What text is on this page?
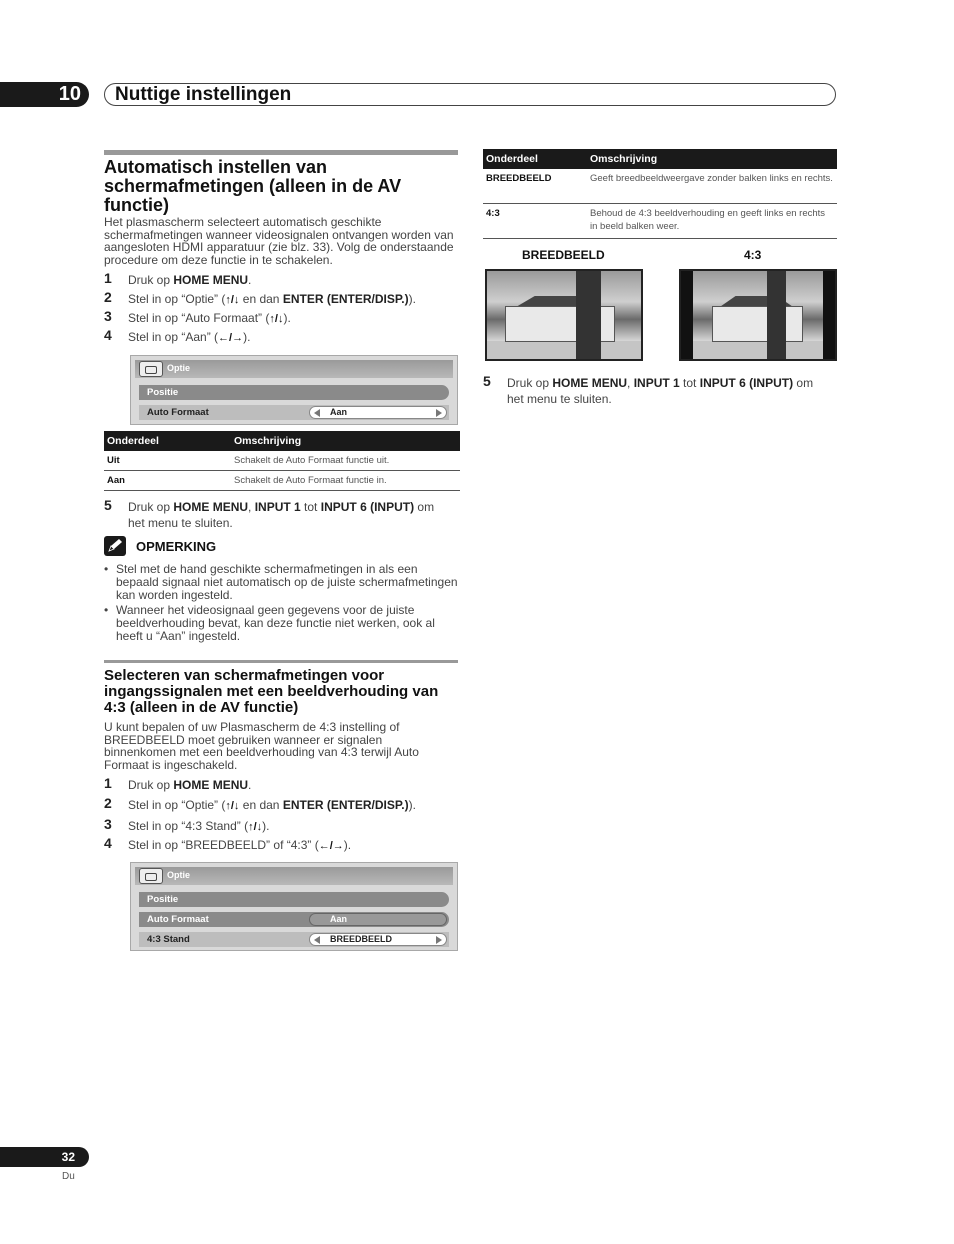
10	Nuttige instellingen
Automatisch instellen van schermafmetingen (alleen in de AV functie)
Het plasmascherm selecteert automatisch geschikte schermafmetingen wanneer videosignalen ontvangen worden van aangesloten HDMI apparatuur (zie blz. 33). Volg de onderstaande procedure om deze functie in te schakelen.
1 Druk op HOME MENU.
2 Stel in op “Optie” (↑/↓ en dan ENTER (ENTER/DISP.)).
3 Stel in op “Auto Formaat” (↑/↓).
4 Stel in op “Aan” (←/→).
Optie
Positie
Auto Formaat	Aan
Onderdeel	Omschrijving
Uit	Schakelt de Auto Formaat functie uit.
Aan	Schakelt de Auto Formaat functie in.
5 Druk op HOME MENU, INPUT 1 tot INPUT 6 (INPUT) om
het menu te sluiten.
OPMERKING
• Stel met de hand geschikte schermafmetingen in als een bepaald signaal niet automatisch op de juiste schermafmetingen kan worden ingesteld.
• Wanneer het videosignaal geen gegevens voor de juiste beeldverhouding bevat, kan deze functie niet werken, ook al heeft u “Aan” ingesteld.
Selecteren van schermafmetingen voor ingangssignalen met een beeldverhouding van 4:3 (alleen in de AV functie)
U kunt bepalen of uw Plasmascherm de 4:3 instelling of BREEDBEELD moet gebruiken wanneer er signalen binnenkomen met een beeldverhouding van 4:3 terwijl Auto Formaat is ingeschakeld.
1 Druk op HOME MENU.
2 Stel in op “Optie” (↑/↓ en dan ENTER (ENTER/DISP.)).
3 Stel in op “4:3 Stand” (↑/↓).
4 Stel in op “BREEDBEELD” of “4:3” (←/→).
Optie
Positie
Auto Formaat	Aan
4:3 Stand	BREEDBEELD
Onderdeel	Omschrijving
BREEDBEELD	Geeft breedbeeldweergave zonder balken links en rechts.
4:3	Behoud de 4:3 beeldverhouding en geeft links en rechts in beeld balken weer.
BREEDBEELD	4:3
5 Druk op HOME MENU, INPUT 1 tot INPUT 6 (INPUT) om
het menu te sluiten.
32
Du
